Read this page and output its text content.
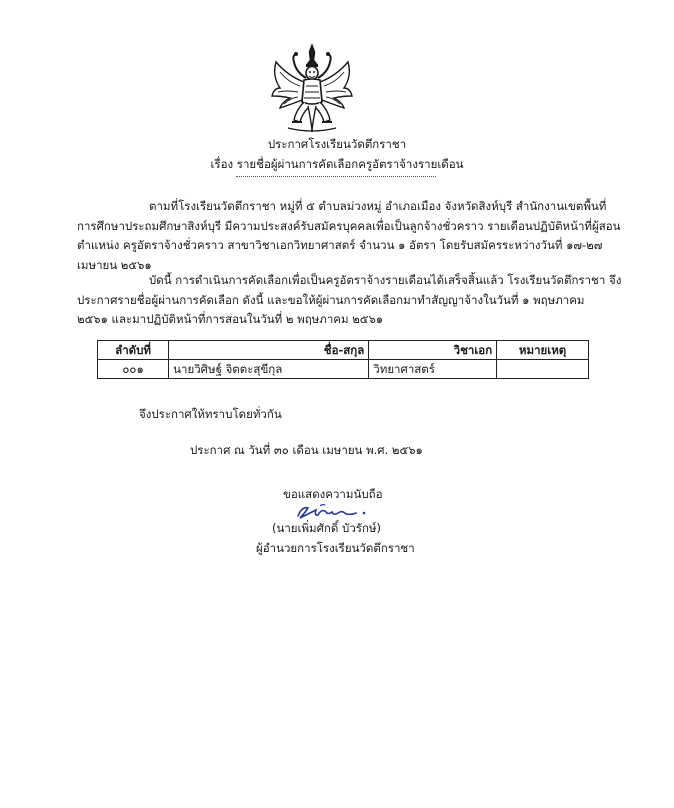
ประกาศโรงเรียนวัดตึกราชา
เรื่อง รายชื่อผู้ผ่านการคัดเลือกครูอัตราจ้างรายเดือน
ตามที่โรงเรียนวัดตึกราชา หมู่ที่ ๕ ตำบลม่วงหมู่ อำเภอเมือง จังหวัดสิงห์บุรี สำนักงานเขตพื้นที่
การศึกษาประถมศึกษาสิงห์บุรี มีความประสงค์รับสมัครบุคคลเพื่อเป็นลูกจ้างชั่วคราว รายเดือนปฏิบัติหน้าที่ผู้สอน
ตำแหน่ง ครูอัตราจ้างชั่วคราว สาขาวิชาเอกวิทยาศาสตร์ จำนวน ๑ อัตรา โดยรับสมัครระหว่างวันที่ ๑๗-๒๗
เมษายน ๒๕๖๑
บัดนี้ การดำเนินการคัดเลือกเพื่อเป็นครูอัตราจ้างรายเดือนได้เสร็จสิ้นแล้ว โรงเรียนวัดตึกราชา จึง
ประกาศรายชื่อผู้ผ่านการคัดเลือก ดังนี้ และขอให้ผู้ผ่านการคัดเลือกมาทำสัญญาจ้างในวันที่ ๑ พฤษภาคม
๒๕๖๑ และมาปฏิบัติหน้าที่การสอนในวันที่ ๒ พฤษภาคม ๒๕๖๑
ลำดับที่	ชื่อ-สกุล	วิชาเอก	หมายเหตุ
๐๐๑	นายวิศิษฐ์ จิตตะสุขีกุล	วิทยาศาสตร์	
จึงประกาศให้ทราบโดยทั่วกัน
ประกาศ ณ วันที่ ๓๐ เดือน เมษายน พ.ศ. ๒๕๖๑
ขอแสดงความนับถือ
(นายเพิ่มศักดิ์ บัวรักษ์)
ผู้อำนวยการโรงเรียนวัดตึกราชา
